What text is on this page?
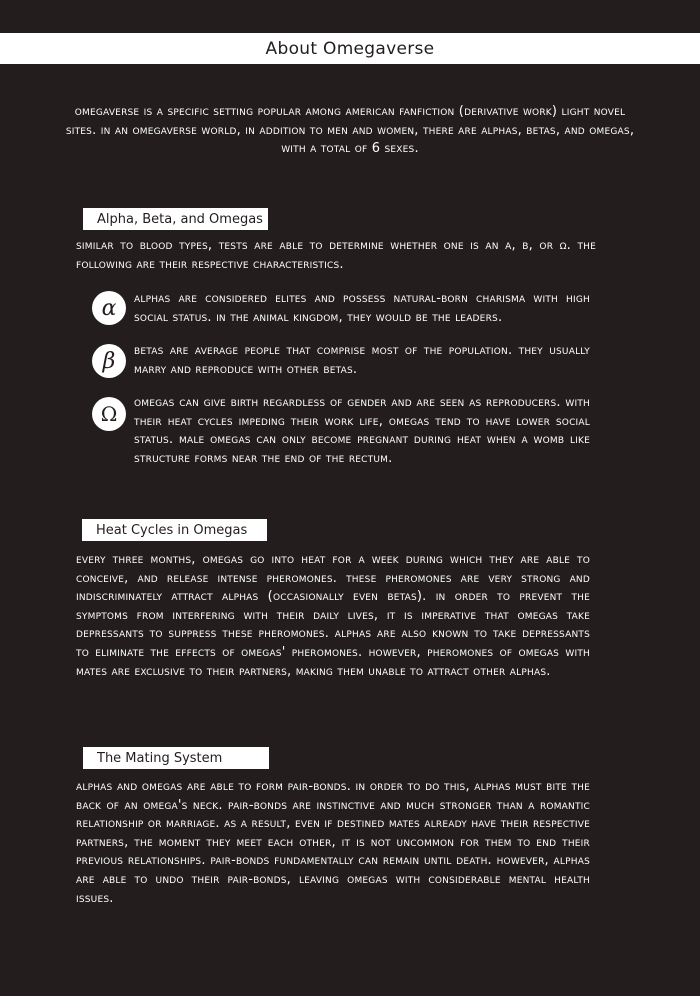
About Omegaverse
omegaverse is a specific setting popular among american fanfiction (derivative work) light novel sites. in an omegaverse world, in addition to men and women, there are alphas, betas, and omegas, with a total of 6 sexes.
Alpha, Beta, and Omegas
similar to blood types, tests are able to determine whether one is an α, β, or ω. the following are their respective characteristics.
α	alphas are considered elites and possess natural-born charisma with high social status. in the animal kingdom, they would be the leaders.
β	betas are average people that comprise most of the population. they usually marry and reproduce with other betas.
Ω	omegas can give birth regardless of gender and are seen as reproducers. with their heat cycles impeding their work life, omegas tend to have lower social status. male omegas can only become pregnant during heat when a womb like structure forms near the end of the rectum.
Heat Cycles in Omegas
every three months, omegas go into heat for a week during which they are able to conceive, and release intense pheromones. these pheromones are very strong and indiscriminately attract alphas (occasionally even betas). in order to prevent the symptoms from interfering with their daily lives, it is imperative that omegas take depressants to suppress these pheromones. alphas are also known to take depressants to eliminate the effects of omegas' pheromones. however, pheromones of omegas with mates are exclusive to their partners, making them unable to attract other alphas.
The Mating System
alphas and omegas are able to form pair-bonds. in order to do this, alphas must bite the back of an omega's neck. pair-bonds are instinctive and much stronger than a romantic relationship or marriage. as a result, even if destined mates already have their respective partners, the moment they meet each other, it is not uncommon for them to end their previous relationships. pair-bonds fundamentally can remain until death. however, alphas are able to undo their pair-bonds, leaving omegas with considerable mental health issues.
